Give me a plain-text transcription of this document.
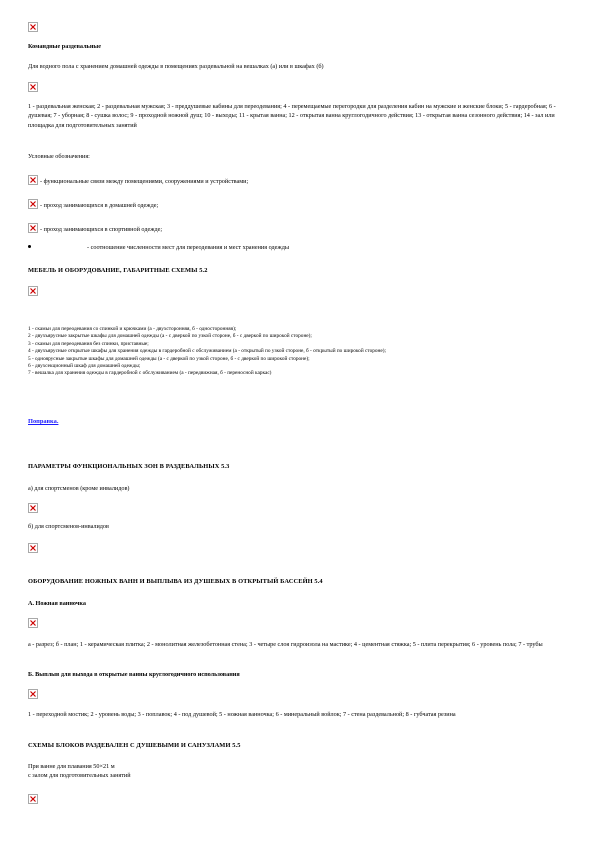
Командные раздевальные

Для водного пола с хранением домашней одежды в помещениях раздевальной на вешалках (а) или в шкафах (б)

1 - раздевальная женская; 2 - раздевальная мужская; 3 - преддушевые кабины для переодевания; 4 - перемещаемые перегородки для разделения кабин на мужские и женские блоки; 5 - гардеробная; 6 - душевая; 7 - уборная; 8 - сушка волос; 9 - проходной ножной душ; 10 - выходы; 11 - крытая ванна; 12 - открытая ванна круглогодичного действия; 13 - открытая ванна сезонного действия; 14 - зал или площадка для подготовительных занятий

Условные обозначения:

- функциональные связи между помещениями, сооружениями и устройствами;

- проход занимающихся в домашней одежде;

- проход занимающихся в спортивной одежде;

- соотношение численности мест для переодевания и мест хранения одежды

МЕБЕЛЬ И ОБОРУДОВАНИЕ, ГАБАРИТНЫЕ СХЕМЫ 5.2

1 - скамьи для переодевания со спинкой и крючками (а - двухсторонняя, б - односторонняя);

2 - двухъярусные закрытые шкафы для домашней одежды (а - с дверкой по узкой стороне, б - с дверкой по широкой стороне);

3 - скамьи для переодевания без спинки, приставные;

4 - двухъярусные открытые шкафы для хранения одежды в гардеробной с обслуживанием (а - открытый по узкой стороне, б - открытый по широкой стороне);

5 - одноярусные закрытые шкафы для домашней одежды (а - с дверкой по узкой стороне, б - с дверкой по широкой стороне);

6 - двухсекционный шкаф для домашней одежды;

7 - вешалка для хранения одежды в гардеробной с обслуживанием (а - передвижная, б - переносной каркас)

Поправка.

ПАРАМЕТРЫ ФУНКЦИОНАЛЬНЫХ ЗОН В РАЗДЕВАЛЬНЫХ 5.3

а) для спортсменов (кроме инвалидов)

б) для спортсменов-инвалидов

ОБОРУДОВАНИЕ НОЖНЫХ ВАНН И ВЫПЛЫВА ИЗ ДУШЕВЫХ В ОТКРЫТЫЙ БАССЕЙН 5.4

А. Ножная ванночка

а - разрез; б - план; 1 - керамическая плитка; 2 - монолитная железобетонная стена; 3 - четыре слоя гидроизола на мастике; 4 - цементная стяжка; 5 - плита перекрытия; 6 - уровень пола; 7 - трубы

Б. Выплыв для выхода в открытые ванны круглогодичного использования

1 - переходной мостик; 2 - уровень воды; 3 - поплавок; 4 - под душевой; 5 - ножная ванночка; 6 - минеральный войлок; 7 - стена раздевальной; 8 - губчатая резина

СХЕМЫ БЛОКОВ РАЗДЕВАЛЕН С ДУШЕВЫМИ И САНУЗЛАМИ 5.5

При ванне для плавания 50×21 м

с залом для подготовительных занятий
